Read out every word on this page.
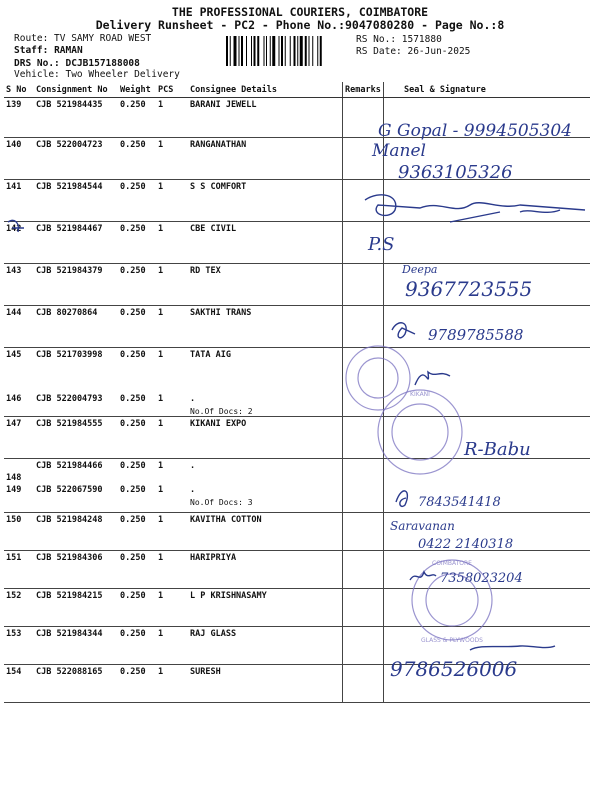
THE PROFESSIONAL COURIERS, COIMBATORE
Delivery Runsheet - PC2 - Phone No.:9047080280 - Page No.:8
Route: TV SAMY ROAD WEST
Staff: RAMAN
DRS No.: DCJB157188008
Vehicle: Two Wheeler Delivery
RS No.: 1571880
RS Date: 26-Jun-2025
S No	Consignment No	Weight	PCS	Consignee Details	Remarks	Seal & Signature

139	CJB 521984435	0.250	1	BARANI JEWELL		

140	CJB 522004723	0.250	1	RANGANATHAN		

141	CJB 521984544	0.250	1	S S COMFORT		

142	CJB 521984467	0.250	1	CBE CIVIL		

143	CJB 521984379	0.250	1	RD TEX		

144	CJB 80270864	0.250	1	SAKTHI TRANS		

145	CJB 521703998	0.250	1	TATA AIG		

146	CJB 522004793	0.250	1	.
No.Of Docs: 2		

147	CJB 521984555	0.250	1	KIKANI EXPO		

148	CJB 521984466	0.250	1	.		

149	CJB 522067590	0.250	1	.
No.Of Docs: 3		

150	CJB 521984248	0.250	1	KAVITHA COTTON		

151	CJB 521984306	0.250	1	HARIPRIYA		

152	CJB 521984215	0.250	1	L P KRISHNASAMY		

153	CJB 521984344	0.250	1	RAJ GLASS		

154	CJB 522088165	0.250	1	SURESH		

KIKANI
COIMBATORE
GLASS & PLYWOODS
G Gopal - 9994505304
Manel
9363105326
P.S
Deepa
9367723555
9789785588
R-Babu
7843541418
Saravanan
0422 2140318
7358023204
9786526006
